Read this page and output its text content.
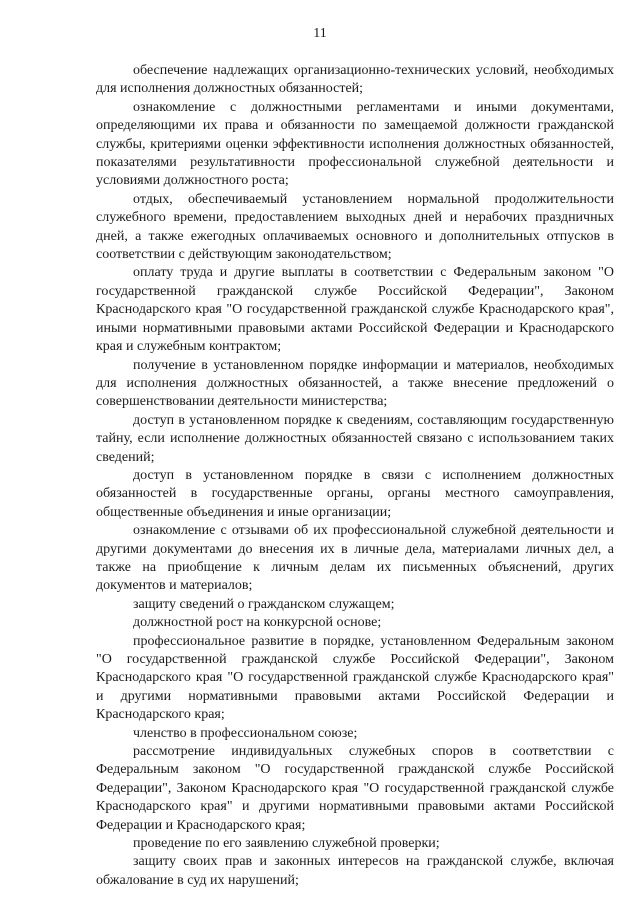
11

обеспечение надлежащих организационно-технических условий, необходимых для исполнения должностных обязанностей;

ознакомление с должностными регламентами и иными документами, определяющими их права и обязанности по замещаемой должности гражданской службы, критериями оценки эффективности исполнения должностных обязанностей, показателями результативности профессиональной служебной деятельности и условиями должностного роста;

отдых, обеспечиваемый установлением нормальной продолжительности служебного времени, предоставлением выходных дней и нерабочих праздничных дней, а также ежегодных оплачиваемых основного и дополнительных отпусков в соответствии с действующим законодательством;

оплату труда и другие выплаты в соответствии с Федеральным законом "О государственной гражданской службе Российской Федерации", Законом Краснодарского края "О государственной гражданской службе Краснодарского края", иными нормативными правовыми актами Российской Федерации и Краснодарского края и служебным контрактом;

получение в установленном порядке информации и материалов, необходимых для исполнения должностных обязанностей, а также внесение предложений о совершенствовании деятельности министерства;

доступ в установленном порядке к сведениям, составляющим государственную тайну, если исполнение должностных обязанностей связано с использованием таких сведений;

доступ в установленном порядке в связи с исполнением должностных обязанностей в государственные органы, органы местного самоуправления, общественные объединения и иные организации;

ознакомление с отзывами об их профессиональной служебной деятельности и другими документами до внесения их в личные дела, материалами личных дел, а также на приобщение к личным делам их письменных объяснений, других документов и материалов;

защиту сведений о гражданском служащем;

должностной рост на конкурсной основе;

профессиональное развитие в порядке, установленном Федеральным законом "О государственной гражданской службе Российской Федерации", Законом Краснодарского края "О государственной гражданской службе Краснодарского края" и другими нормативными правовыми актами Российской Федерации и Краснодарского края;

членство в профессиональном союзе;

рассмотрение индивидуальных служебных споров в соответствии с Федеральным законом "О государственной гражданской службе Российской Федерации", Законом Краснодарского края "О государственной гражданской службе Краснодарского края" и другими нормативными правовыми актами Российской Федерации и Краснодарского края;

проведение по его заявлению служебной проверки;

защиту своих прав и законных интересов на гражданской службе, включая обжалование в суд их нарушений;
